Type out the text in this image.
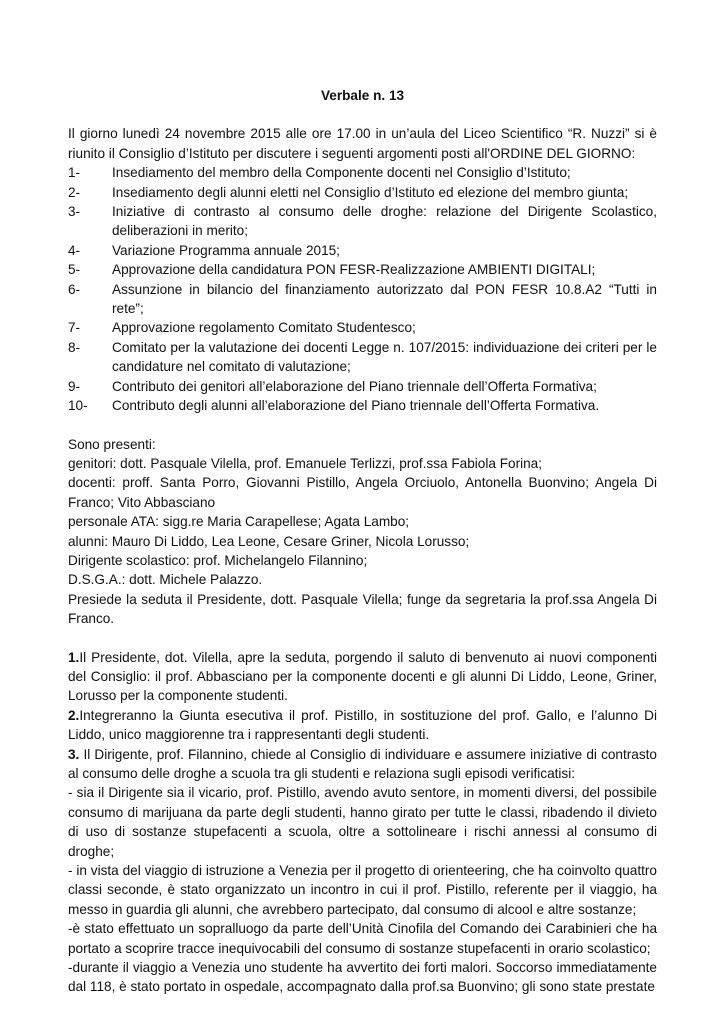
Verbale n. 13

Il giorno lunedì 24 novembre 2015 alle ore 17.00 in un’aula del Liceo Scientifico “R. Nuzzi” si è riunito il Consiglio d’Istituto per discutere i seguenti argomenti posti all'ORDINE DEL GIORNO:

1-	Insediamento del membro della Componente docenti nel Consiglio d’Istituto;
2-	Insediamento degli alunni eletti nel Consiglio d’Istituto ed elezione del membro giunta;
3-	Iniziative di contrasto al consumo delle droghe: relazione del Dirigente Scolastico, deliberazioni in merito;
4-	Variazione Programma annuale 2015;
5-	Approvazione della candidatura PON FESR-Realizzazione AMBIENTI DIGITALI;
6-	Assunzione in bilancio del finanziamento autorizzato dal PON FESR 10.8.A2 “Tutti in rete”;
7-	Approvazione regolamento Comitato Studentesco;
8-	Comitato per la valutazione dei docenti Legge n. 107/2015: individuazione dei criteri per le candidature nel comitato di valutazione;
9-	Contributo dei genitori all’elaborazione del Piano triennale dell’Offerta Formativa;
10-	Contributo degli alunni all’elaborazione del Piano triennale dell’Offerta Formativa.

Sono presenti:

genitori: dott. Pasquale Vilella, prof. Emanuele Terlizzi, prof.ssa Fabiola Forina;

docenti: proff. Santa Porro, Giovanni Pistillo, Angela Orciuolo, Antonella Buonvino; Angela Di Franco; Vito Abbasciano

personale ATA: sigg.re Maria Carapellese; Agata Lambo;

alunni: Mauro Di Liddo, Lea Leone, Cesare Griner, Nicola Lorusso;

Dirigente scolastico: prof. Michelangelo Filannino;

D.S.G.A.: dott. Michele Palazzo.

Presiede la seduta il Presidente, dott. Pasquale Vilella; funge da segretaria la prof.ssa Angela Di Franco.

1.Il Presidente, dot. Vilella, apre la seduta, porgendo il saluto di benvenuto ai nuovi componenti del Consiglio: il prof. Abbasciano per la componente docenti e gli alunni Di Liddo, Leone, Griner, Lorusso per la componente studenti.

2.Integreranno la Giunta esecutiva il prof. Pistillo, in sostituzione del prof. Gallo, e l’alunno Di Liddo, unico maggiorenne tra i rappresentanti degli studenti.

3. Il Dirigente, prof. Filannino, chiede al Consiglio di individuare e assumere iniziative di contrasto al consumo delle droghe a scuola tra gli studenti e relaziona sugli episodi verificatisi:

- sia il Dirigente sia il vicario, prof. Pistillo, avendo avuto sentore, in momenti diversi, del possibile consumo di marijuana da parte degli studenti, hanno girato per tutte le classi, ribadendo il divieto di uso di sostanze stupefacenti a scuola, oltre a sottolineare i rischi annessi al consumo di droghe;

- in vista del viaggio di istruzione a Venezia per il progetto di orienteering, che ha coinvolto quattro classi seconde, è stato organizzato un incontro in cui il prof. Pistillo, referente per il viaggio, ha messo in guardia gli alunni, che avrebbero partecipato, dal consumo di alcool e altre sostanze;

-è stato effettuato un sopralluogo da parte dell’Unità Cinofila del Comando dei Carabinieri che ha portato a scoprire tracce inequivocabili del consumo di sostanze stupefacenti in orario scolastico;

-durante il viaggio a Venezia uno studente ha avvertito dei forti malori. Soccorso immediatamente dal 118, è stato portato in ospedale, accompagnato dalla prof.sa Buonvino; gli sono state prestate
